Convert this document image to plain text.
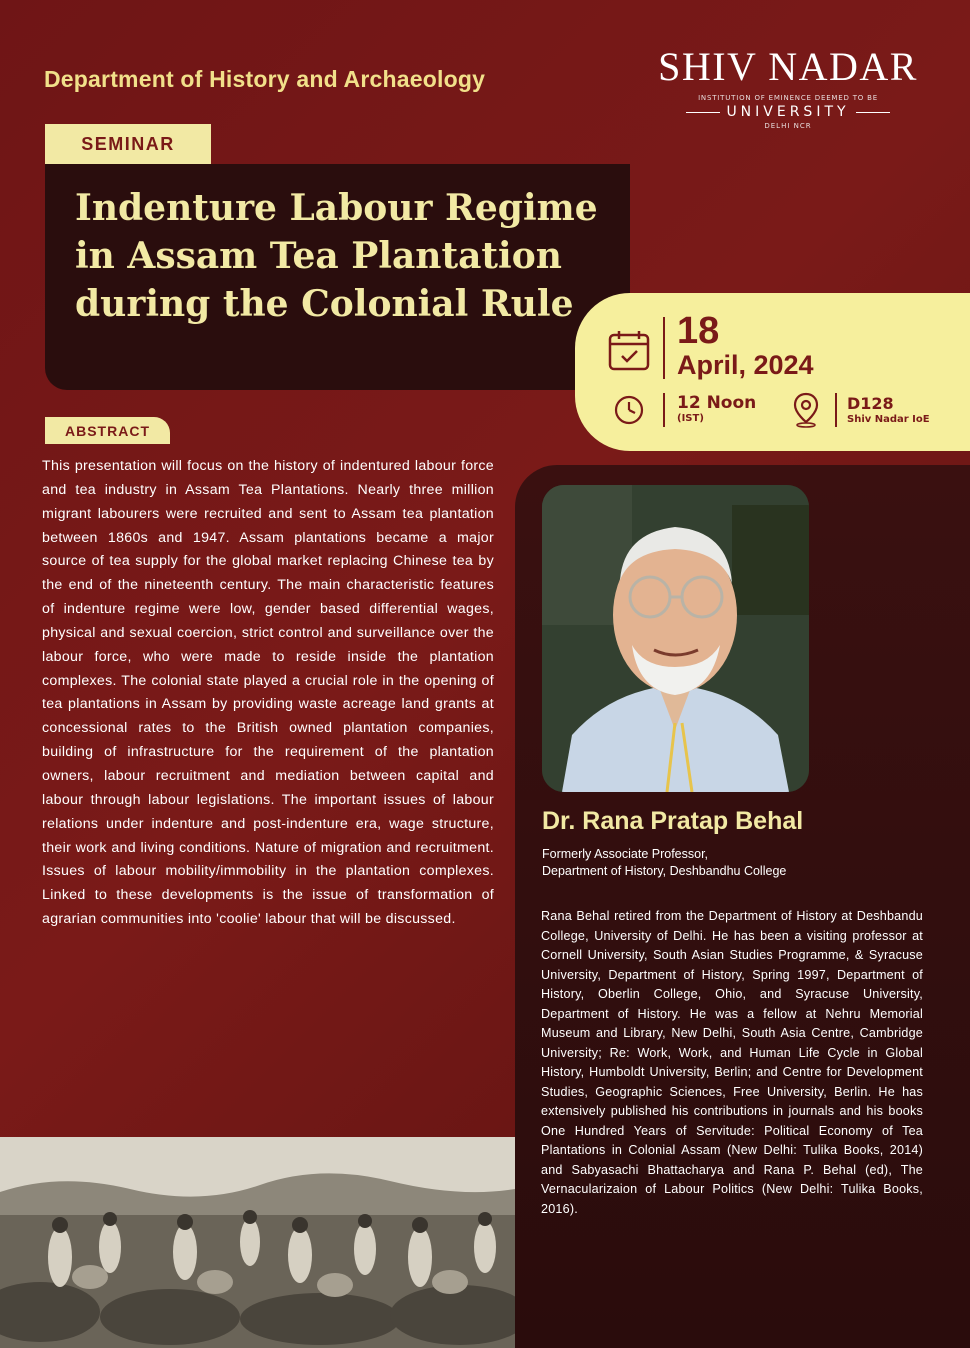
Department of History and Archaeology	SHIV NADAR
INSTITUTION OF EMINENCE DEEMED TO BE
UNIVERSITY
DELHI NCR
SEMINAR
Indenture Labour Regime in Assam Tea Plantation during the Colonial Rule
18
April, 2024
12 Noon
(IST)
D128
Shiv Nadar IoE
ABSTRACT

This presentation will focus on the history of indentured labour force and tea industry in Assam Tea Plantations. Nearly three million migrant labourers were recruited and sent to Assam tea plantation between 1860s and 1947. Assam plantations became a major source of tea supply for the global market replacing Chinese tea by the end of the nineteenth century. The main characteristic features of indenture regime were low, gender based differential wages, physical and sexual coercion, strict control and surveillance over the labour force, who were made to reside inside the plantation complexes. The colonial state played a crucial role in the opening of tea plantations in Assam by providing waste acreage land grants at concessional rates to the British owned plantation companies, building of infrastructure for the requirement of the plantation owners, labour recruitment and mediation between capital and labour through labour legislations. The important issues of labour relations under indenture and post-indenture era, wage structure, their work and living conditions. Nature of migration and recruitment. Issues of labour mobility/immobility in the plantation complexes. Linked to these developments is the issue of transformation of agrarian communities into 'coolie' labour that will be discussed.

Dr. Rana Pratap Behal
Formerly Associate Professor,
Department of History, Deshbandhu College

Rana Behal retired from the Department of History at Deshbandu College, University of Delhi. He has been a visiting professor at Cornell University, South Asian Studies Programme, & Syracuse University, Department of History, Spring 1997, Department of History, Oberlin College, Ohio, and Syracuse University, Department of History. He was a fellow at Nehru Memorial Museum and Library, New Delhi, South Asia Centre, Cambridge University; Re: Work, Work, and Human Life Cycle in Global History, Humboldt University, Berlin; and Centre for Development Studies, Geographic Sciences, Free University, Berlin. He has extensively published his contributions in journals and his books One Hundred Years of Servitude: Political Economy of Tea Plantations in Colonial Assam (New Delhi: Tulika Books, 2014) and Sabyasachi Bhattacharya and Rana P. Behal (ed), The Vernacularizaion of Labour Politics (New Delhi: Tulika Books, 2016).
